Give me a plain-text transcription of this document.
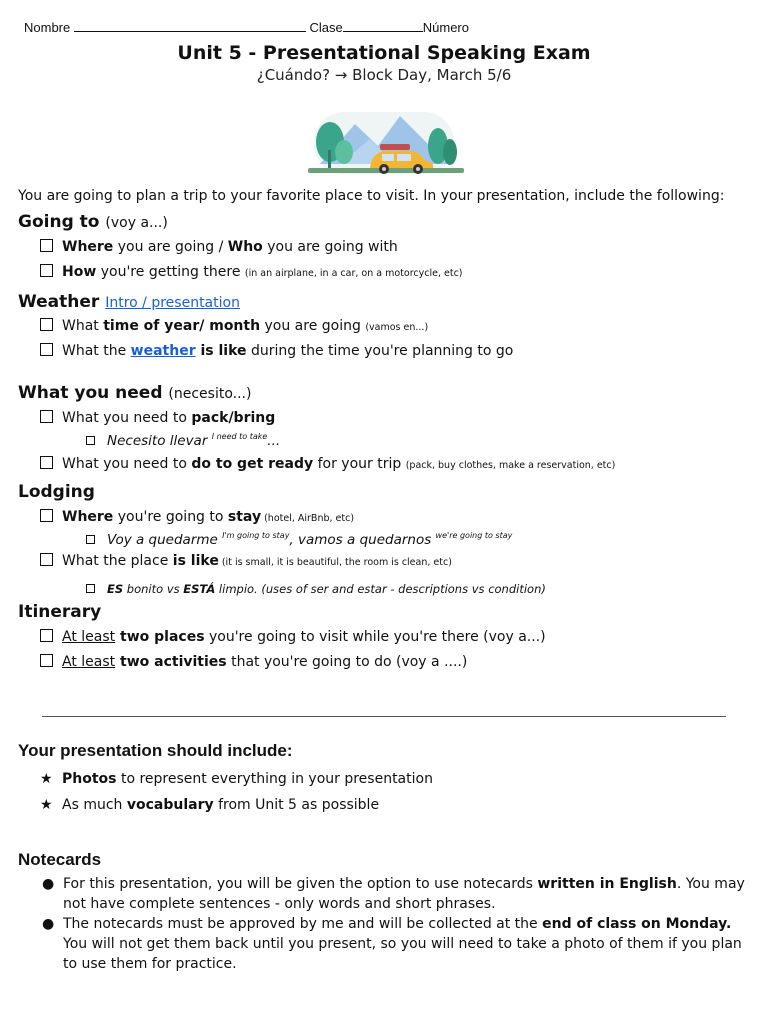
Nombre	Clase	Número
Unit 5 - Presentational Speaking Exam
¿Cuándo? → Block Day, March 5/6
You are going to plan a trip to your favorite place to visit. In your presentation, include the following:
Going to (voy a...)
Where you are going / Who you are going with
How you're getting there (in an airplane, in a car, on a motorcycle, etc)
Weather Intro / presentation
What time of year/ month you are going (vamos en...)
What the weather is like during the time you're planning to go
What you need (necesito...)
What you need to pack/bring
Necesito llevar $^{I need to take}$...
What you need to do to get ready for your trip (pack, buy clothes, make a reservation, etc)
Lodging
Where you're going to stay (hotel, AirBnb, etc)
Voy a quedarme $^{I'm going to stay}$, vamos a quedarnos $^{we're going to stay}$
What the place is like (it is small, it is beautiful, the room is clean, etc)
ES bonito vs ESTÁ limpio. (uses of ser and estar - descriptions vs condition)
Itinerary
At least two places you're going to visit while you're there (voy a...)
At least two activities that you're going to do (voy a ....)
Your presentation should include:
★ Photos to represent everything in your presentation
★ As much vocabulary from Unit 5 as possible
Notecards
● For this presentation, you will be given the option to use notecards written in English. You may not have complete sentences - only words and short phrases.
● The notecards must be approved by me and will be collected at the end of class on Monday. You will not get them back until you present, so you will need to take a photo of them if you plan to use them for practice.
